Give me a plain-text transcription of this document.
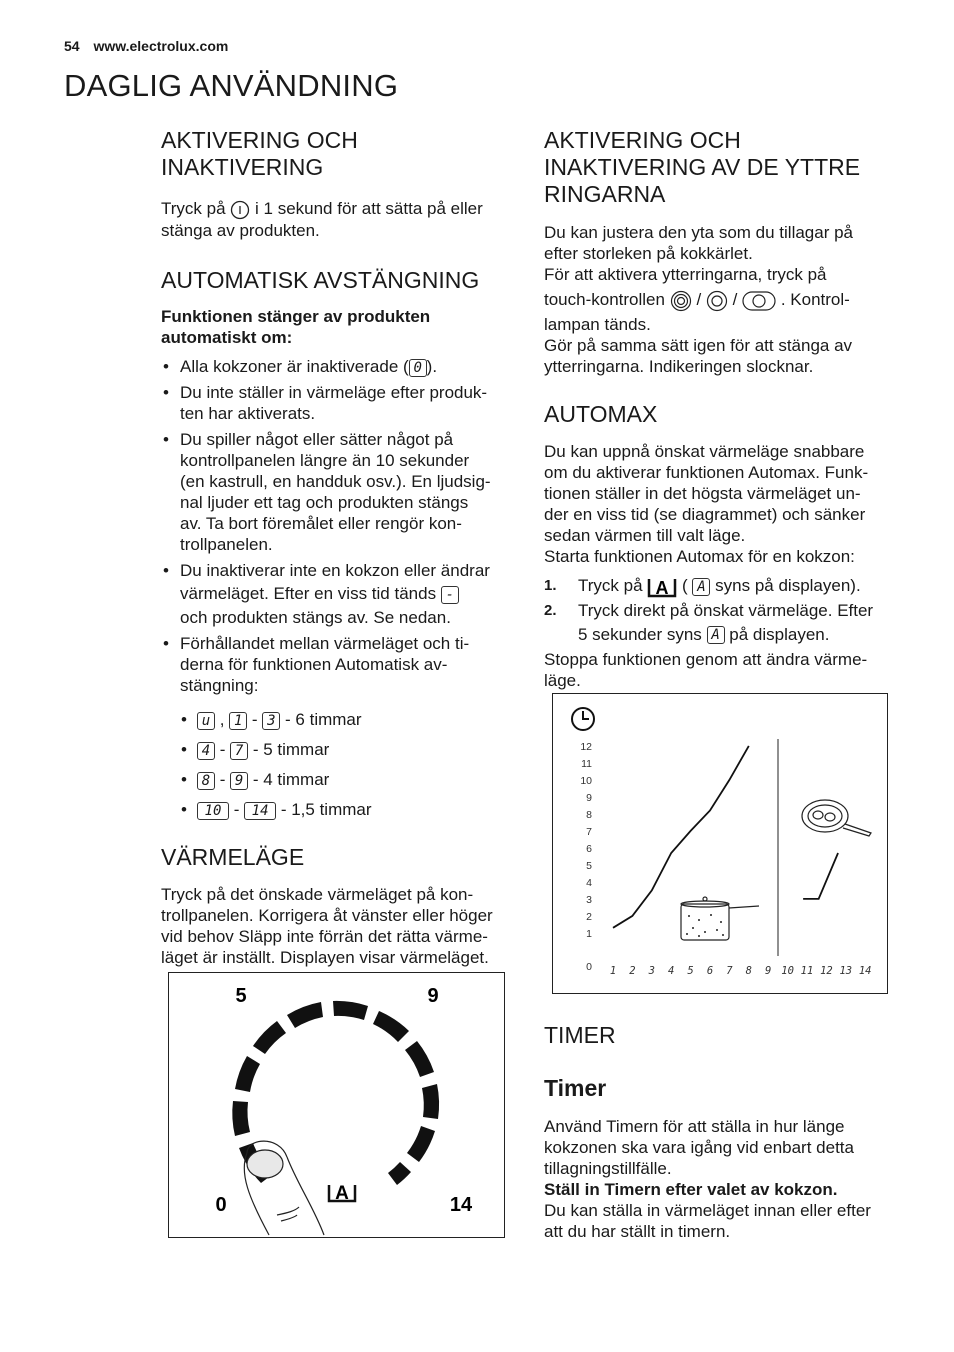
54 www.electrolux.com
DAGLIG ANVÄNDNING
AKTIVERING OCH
INAKTIVERING
Tryck på i 1 sekund för att sätta på eller
stänga av produkten.
AUTOMATISK AVSTÄNGNING
Funktionen stänger av produkten
automatiskt om:
• Alla kokzoner är inaktiverade ( 0 ).
• Du inte ställer in värmeläge efter produk-
ten har aktiverats.
• Du spiller något eller sätter något på
kontrollpanelen längre än 10 sekunder
(en kastrull, en handduk osv.). En ljudsig-
nal ljuder ett tag och produkten stängs
av. Ta bort föremålet eller rengör kon-
trollpanelen.
• Du inaktiverar inte en kokzon eller ändrar
värmeläget. Efter en viss tid tänds -
och produkten stängs av. Se nedan.
• Förhållandet mellan värmeläget och ti-
derna för funktionen Automatisk av-
stängning:
• u , 1 - 3 - 6 timmar
• 4 - 7 - 5 timmar
• 8 - 9 - 4 timmar
• 10 - 14 - 1,5 timmar
VÄRMELÄGE
Tryck på det önskade värmeläget på kon-
trollpanelen. Korrigera åt vänster eller höger
vid behov Släpp inte förrän det rätta värme-
läget är inställt. Displayen visar värmeläget.
5	9
0	14
A
AKTIVERING OCH
INAKTIVERING AV DE YTTRE
RINGARNA
Du kan justera den yta som du tillagar på
efter storleken på kokkärlet.
För att aktivera ytterringarna, tryck på
touch-kontrollen / /	. Kontrol-
lampan tänds.
Gör på samma sätt igen för att stänga av
ytterringarna. Indikeringen slocknar.
AUTOMAX
Du kan uppnå önskat värmeläge snabbare
om du aktiverar funktionen Automax. Funk-
tionen ställer in det högsta värmeläget un-
der en viss tid (se diagrammet) och sänker
sedan värmen till valt läge.
Starta funktionen Automax för en kokzon:
1. Tryck på A ( A syns på displayen).
2. Tryck direkt på önskat värmeläge. Efter
5 sekunder syns A på displayen.
Stoppa funktionen genom att ändra värme-
läge.
0
1
2
3
4
5
6
7
8
9
10
11
12
1 2 3 4 5 6 7 8 9 10 11 12 13 14
TIMER
Timer
Använd Timern för att ställa in hur länge
kokzonen ska vara igång vid enbart detta
tillagningstillfälle.
Ställ in Timern efter valet av kokzon.
Du kan ställa in värmeläget innan eller efter
att du har ställt in timern.
